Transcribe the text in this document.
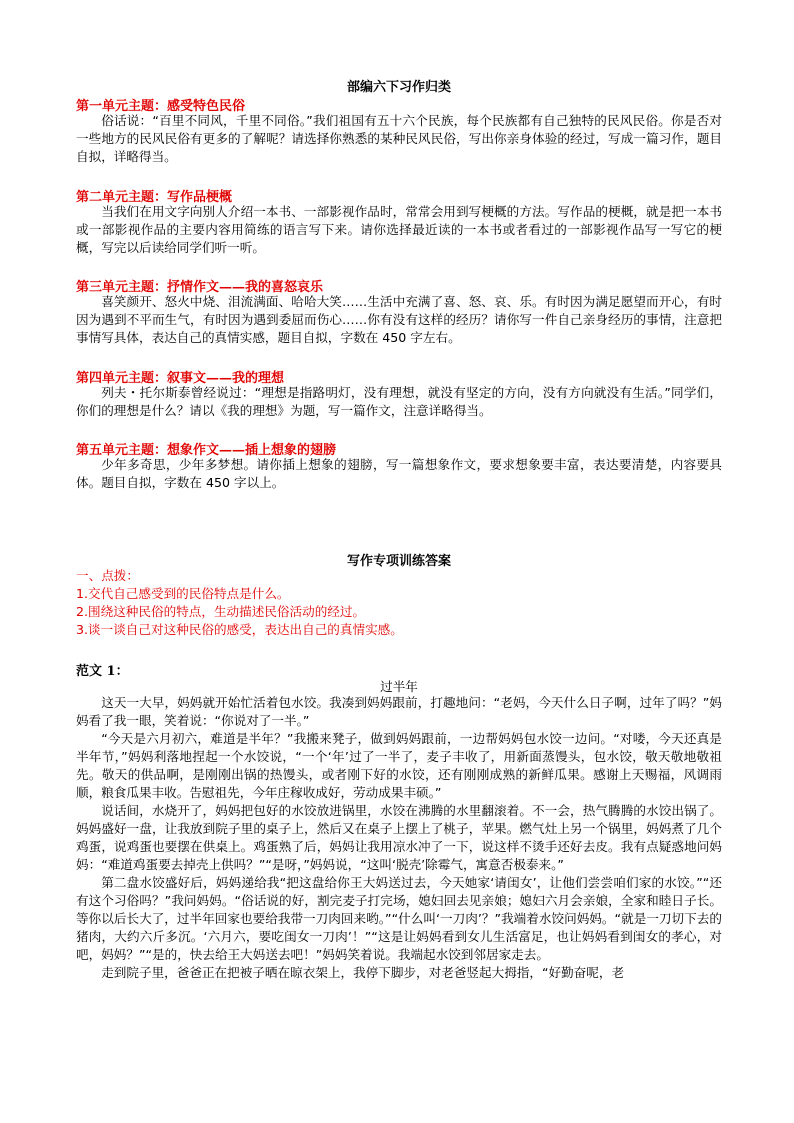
部编六下习作归类
第一单元主题：感受特色民俗

俗话说：“百里不同风，千里不同俗。”我们祖国有五十六个民族，每个民族都有自己独特的民风民俗。你是否对一些地方的民风民俗有更多的了解呢？请选择你熟悉的某种民风民俗，写出你亲身体验的经过，写成一篇习作，题目自拟，详略得当。

第二单元主题：写作品梗概

当我们在用文字向别人介绍一本书、一部影视作品时，常常会用到写梗概的方法。写作品的梗概，就是把一本书或一部影视作品的主要内容用简练的语言写下来。请你选择最近读的一本书或者看过的一部影视作品写一写它的梗概，写完以后读给同学们听一听。

第三单元主题：抒情作文——我的喜怒哀乐

喜笑颜开、怒火中烧、泪流满面、哈哈大笑……生活中充满了喜、怒、哀、乐。有时因为满足愿望而开心，有时因为遇到不平而生气，有时因为遇到委屈而伤心……你有没有这样的经历？请你写一件自己亲身经历的事情，注意把事情写具体，表达自己的真情实感，题目自拟，字数在 450 字左右。

第四单元主题：叙事文——我的理想

列夫・托尔斯泰曾经说过：“理想是指路明灯，没有理想，就没有坚定的方向，没有方向就没有生活。”同学们，你们的理想是什么？请以《我的理想》为题，写一篇作文，注意详略得当。

第五单元主题：想象作文——插上想象的翅膀

少年多奇思，少年多梦想。请你插上想象的翅膀，写一篇想象作文，要求想象要丰富，表达要清楚，内容要具体。题目自拟，字数在 450 字以上。

写作专项训练答案
一、点拨：
1.交代自己感受到的民俗特点是什么。
2.围绕这种民俗的特点，生动描述民俗活动的经过。
3.谈一谈自己对这种民俗的感受，表达出自己的真情实感。
范文 1：
过半年

这天一大早，妈妈就开始忙活着包水饺。我凑到妈妈跟前，打趣地问：“老妈，今天什么日子啊，过年了吗？”妈妈看了我一眼，笑着说：“你说对了一半。”

“今天是六月初六，难道是半年？”我搬来凳子，做到妈妈跟前，一边帮妈妈包水饺一边问。“对喽，今天还真是半年节，”妈妈利落地捏起一个水饺说，“一个‘年’过了一半了，麦子丰收了，用新面蒸馒头，包水饺，敬天敬地敬祖先。敬天的供品啊，是刚刚出锅的热馒头，或者刚下好的水饺，还有刚刚成熟的新鲜瓜果。感谢上天赐福，风调雨顺，粮食瓜果丰收。告慰祖先，今年庄稼收成好，劳动成果丰硕。”

说话间，水烧开了，妈妈把包好的水饺放进锅里，水饺在沸腾的水里翻滚着。不一会，热气腾腾的水饺出锅了。妈妈盛好一盘，让我放到院子里的桌子上，然后又在桌子上摆上了桃子，苹果。燃气灶上另一个锅里，妈妈煮了几个鸡蛋，说鸡蛋也要摆在供桌上。鸡蛋熟了后，妈妈让我用凉水冲了一下，说这样不烫手还好去皮。我有点疑惑地问妈妈：“难道鸡蛋要去掉壳上供吗？”“是呀，”妈妈说，“这叫‘脱壳’除霉气，寓意否极泰来。”

第二盘水饺盛好后，妈妈递给我“把这盘给你王大妈送过去，今天她家‘请闺女’，让他们尝尝咱们家的水饺。”“还有这个习俗吗？”我问妈妈。“俗话说的好，割完麦子打完场，媳妇回去见亲娘；媳妇六月会亲娘，全家和睦日子长。等你以后长大了，过半年回家也要给我带一刀肉回来哟。”“什么叫‘一刀肉’？”我端着水饺问妈妈。“就是一刀切下去的猪肉，大约六斤多沉。‘六月六，要吃闺女一刀肉’！”“这是让妈妈看到女儿生活富足，也让妈妈看到闺女的孝心，对吧，妈妈？”“是的，快去给王大妈送去吧！”妈妈笑着说。我端起水饺到邻居家走去。

走到院子里，爸爸正在把被子晒在晾衣架上，我停下脚步，对老爸竖起大拇指，“好勤奋呢，老
